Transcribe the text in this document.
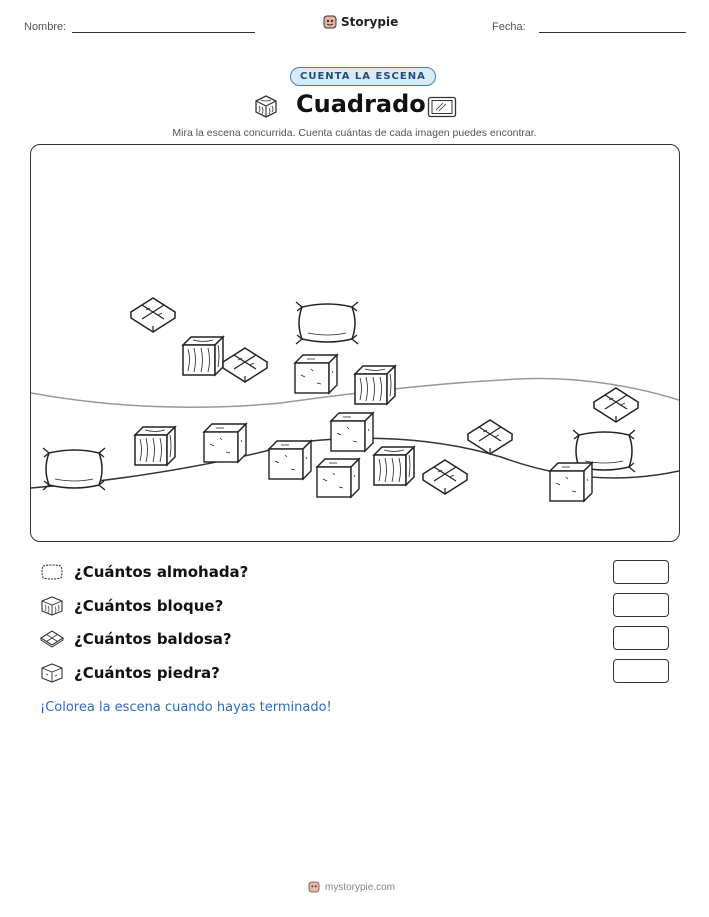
Nombre:	Storypie	Fecha:
CUENTA LA ESCENA
Cuadrado
Mira la escena concurrida. Cuenta cuántas de cada imagen puedes encontrar.
¿Cuántos almohada?
¿Cuántos bloque?
¿Cuántos baldosa?
¿Cuántos piedra?
¡Colorea la escena cuando hayas terminado!
mystorypie.com
